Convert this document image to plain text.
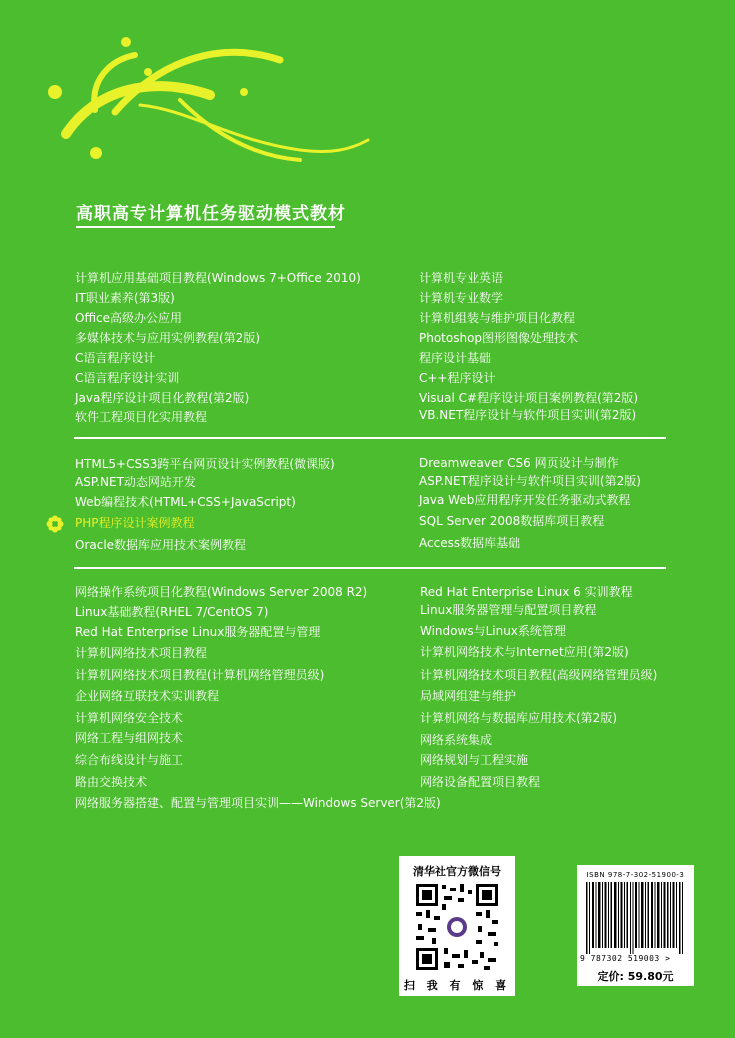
高职高专计算机任务驱动模式教材
计算机应用基础项目教程(Windows 7+Office 2010)
IT职业素养(第3版)
Office高级办公应用
多媒体技术与应用实例教程(第2版)
C语言程序设计
C语言程序设计实训
Java程序设计项目化教程(第2版)
软件工程项目化实用教程
计算机专业英语
计算机专业数学
计算机组装与维护项目化教程
Photoshop图形图像处理技术
程序设计基础
C++程序设计
Visual C#程序设计项目案例教程(第2版)
VB.NET程序设计与软件项目实训(第2版)
HTML5+CSS3跨平台网页设计实例教程(微课版)
ASP.NET动态网站开发
Web编程技术(HTML+CSS+JavaScript)
PHP程序设计案例教程
Oracle数据库应用技术案例教程
Dreamweaver CS6 网页设计与制作
ASP.NET程序设计与软件项目实训(第2版)
Java Web应用程序开发任务驱动式教程
SQL Server 2008数据库项目教程
Access数据库基础
网络操作系统项目化教程(Windows Server 2008 R2)
Linux基础教程(RHEL 7/CentOS 7)
Red Hat Enterprise Linux服务器配置与管理
计算机网络技术项目教程
计算机网络技术项目教程(计算机网络管理员级)
企业网络互联技术实训教程
计算机网络安全技术
网络工程与组网技术
综合布线设计与施工
路由交换技术
网络服务器搭建、配置与管理项目实训——Windows Server(第2版)
Red Hat Enterprise Linux 6 实训教程
Linux服务器管理与配置项目教程
Windows与Linux系统管理
计算机网络技术与Internet应用(第2版)
计算机网络技术项目教程(高级网络管理员级)
局域网组建与维护
计算机网络与数据库应用技术(第2版)
网络系统集成
网络规划与工程实施
网络设备配置项目教程
清华社官方微信号
扫 我 有 惊 喜
ISBN 978-7-302-51900-3
9 787302 519003 >
定价: 59.80元
